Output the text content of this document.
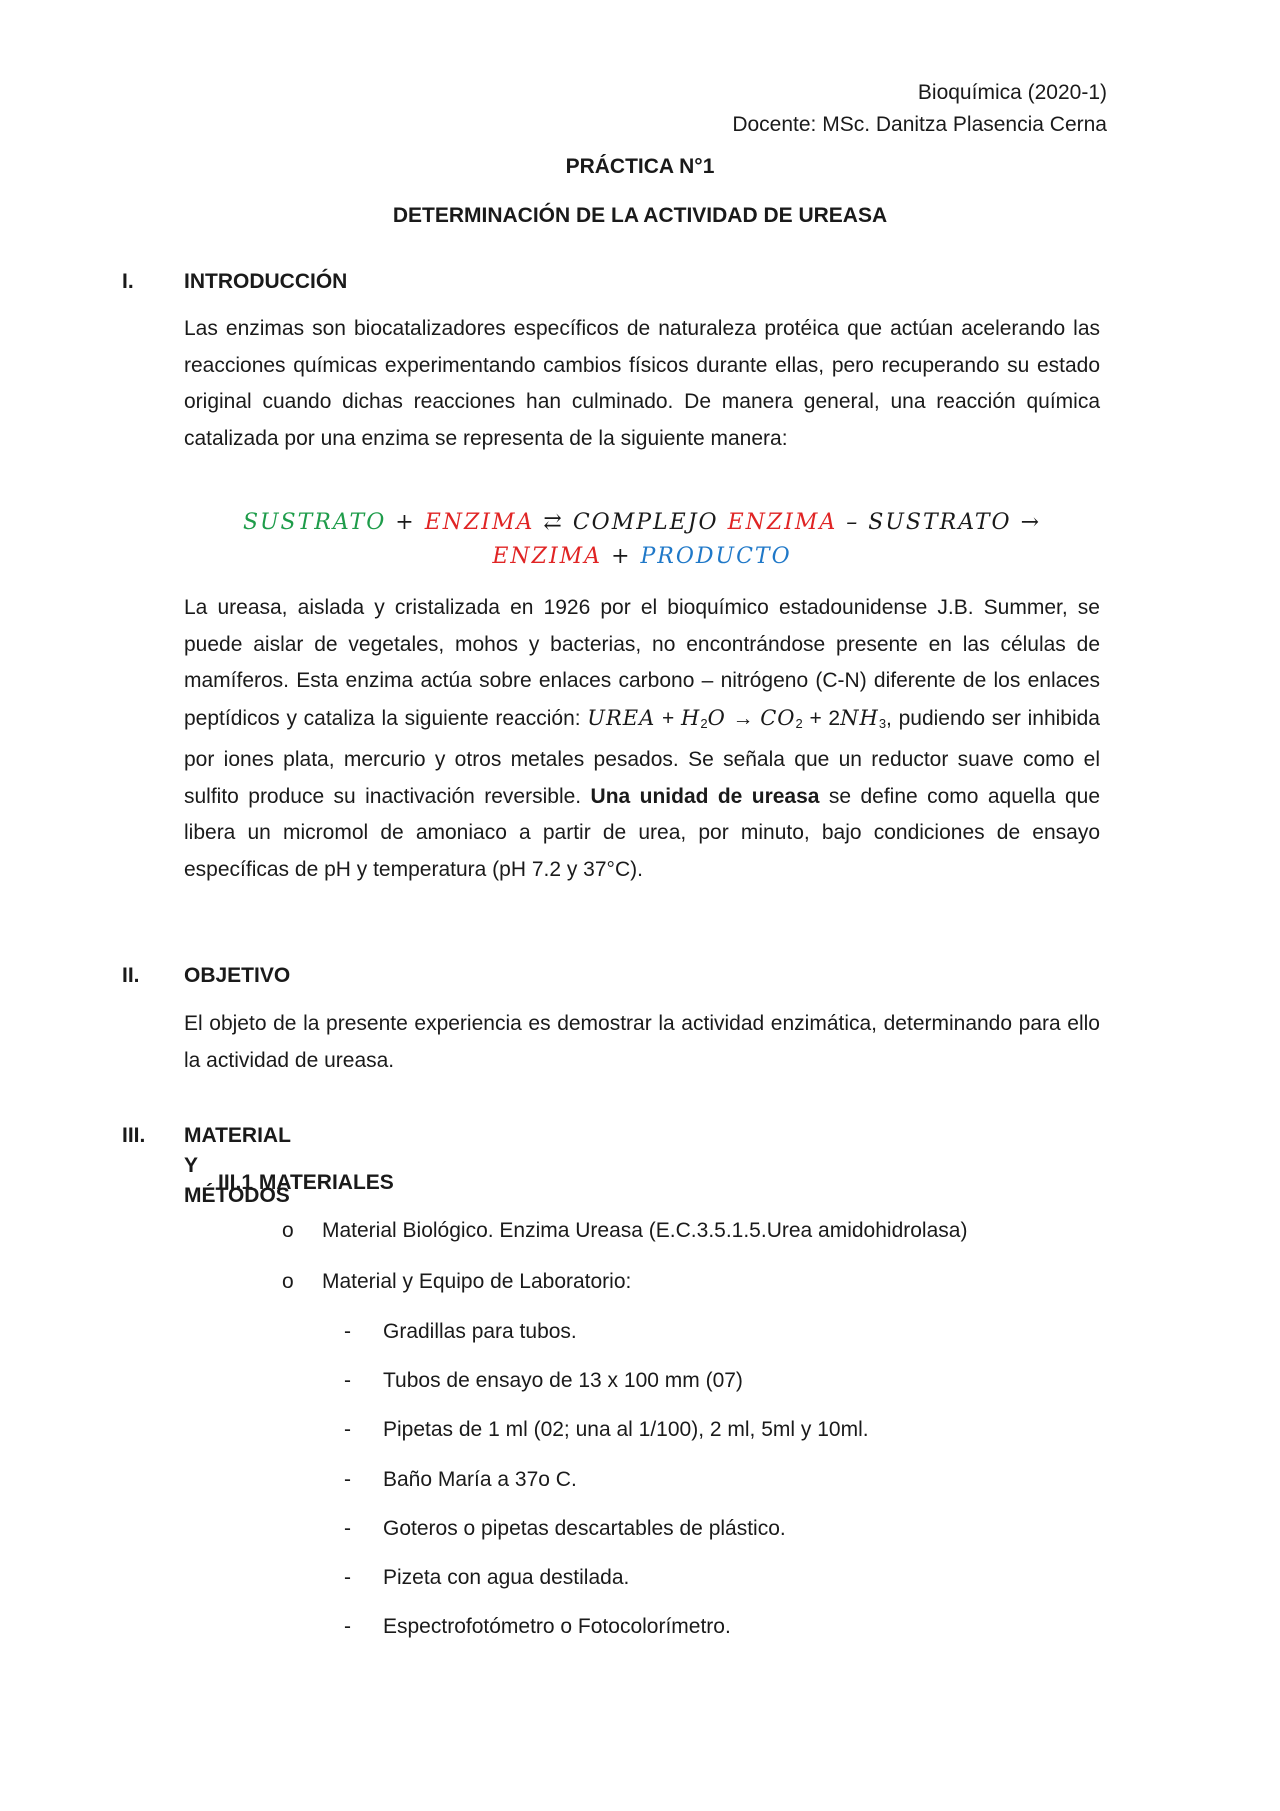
Bioquímica (2020-1)
Docente: MSc. Danitza Plasencia Cerna
PRÁCTICA N°1
DETERMINACIÓN DE LA ACTIVIDAD DE UREASA
I. INTRODUCCIÓN

Las enzimas son biocatalizadores específicos de naturaleza protéica que actúan acelerando las reacciones químicas experimentando cambios físicos durante ellas, pero recuperando su estado original cuando dichas reacciones han culminado. De manera general, una reacción química catalizada por una enzima se representa de la siguiente manera:

SUSTRATO + ENZIMA ⇄ COMPLEJO ENZIMA – SUSTRATO →
ENZIMA + PRODUCTO

La ureasa, aislada y cristalizada en 1926 por el bioquímico estadounidense J.B. Summer, se puede aislar de vegetales, mohos y bacterias, no encontrándose presente en las células de mamíferos. Esta enzima actúa sobre enlaces carbono – nitrógeno (C-N) diferente de los enlaces peptídicos y cataliza la siguiente reacción: UREA + $H_2O \to CO_2 + 2NH_3$, pudiendo ser inhibida por iones plata, mercurio y otros metales pesados. Se señala que un reductor suave como el sulfito produce su inactivación reversible. Una unidad de ureasa se define como aquella que libera un micromol de amoniaco a partir de urea, por minuto, bajo condiciones de ensayo específicas de pH y temperatura (pH 7.2 y 37°C).

II. OBJETIVO

El objeto de la presente experiencia es demostrar la actividad enzimática, determinando para ello la actividad de ureasa.

III. MATERIAL Y MÉTODOS
III.1 MATERIALES
o Material Biológico. Enzima Ureasa (E.C.3.5.1.5.Urea amidohidrolasa)
o Material y Equipo de Laboratorio:
- Gradillas para tubos.
- Tubos de ensayo de 13 x 100 mm (07)
- Pipetas de 1 ml (02; una al 1/100), 2 ml, 5ml y 10ml.
- Baño María a 37o C.
- Goteros o pipetas descartables de plástico.
- Pizeta con agua destilada.
- Espectrofotómetro o Fotocolorímetro.
